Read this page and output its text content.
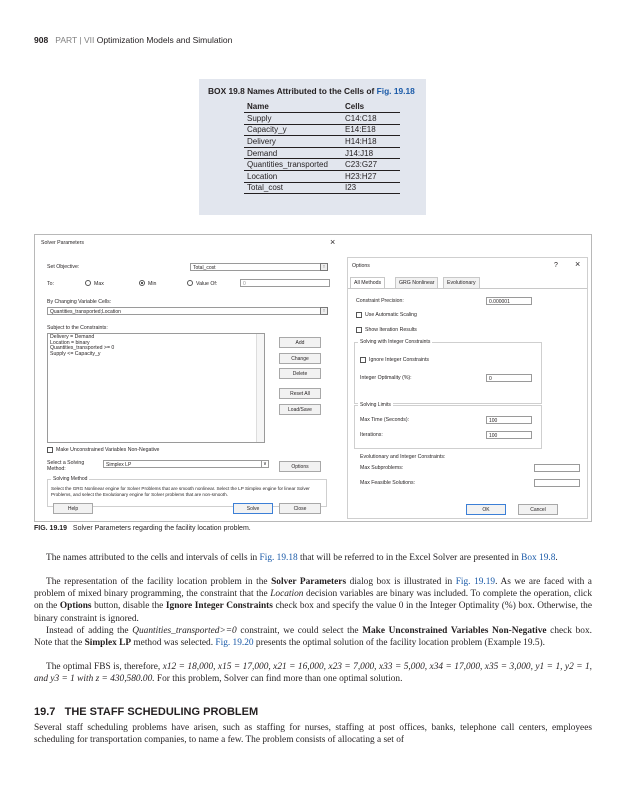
908 PART | VII Optimization Models and Simulation
BOX 19.8 Names Attributed to the Cells of Fig. 19.18
Name	Cells
Supply	C14:C18
Capacity_y	E14:E18
Delivery	H14:H18
Demand	J14:J18
Quantities_transported	C23:G27
Location	H23:H27
Total_cost	I23
Solver Parameters	×
Set Objective:	Total_cost	↑
To:	Max	Min	Value Of:	0
By Changing Variable Cells:
Quantities_transported;Location	↑
Subject to the Constraints:
Delivery = Demand
Location = binary
Quantities_transported >= 0
Supply <= Capacity_y
Add
Change
Delete
Reset All
Load/Save
Make Unconstrained Variables Non-Negative
Select a Solving Method:
Simplex LP	∨	Options
Solving Method
Select the GRG Nonlinear engine for Solver Problems that are smooth nonlinear. Select the LP Simplex engine for linear Solver Problems, and select the Evolutionary engine for Solver problems that are non-smooth.
Help	Solve	Close
Options	? ×
All Methods	GRG Nonlinear	Evolutionary
Constraint Precision:	0.000001
Use Automatic Scaling
Show Iteration Results
Solving with Integer Constraints
Ignore Integer Constraints
Integer Optimality (%):	0
Solving Limits
Max Time (Seconds):	100
Iterations:	100
Evolutionary and Integer Constraints:
Max Subproblems:
Max Feasible Solutions:
OK	Cancel
FIG. 19.19 Solver Parameters regarding the facility location problem.
The names attributed to the cells and intervals of cells in Fig. 19.18 that will be referred to in the Excel Solver are presented in Box 19.8.
The representation of the facility location problem in the Solver Parameters dialog box is illustrated in Fig. 19.19. As we are faced with a problem of mixed binary programming, the constraint that the Location decision variables are binary was included. To complete the operation, click on the Options button, disable the Ignore Integer Constraints check box and specify the value 0 in the Integer Optimality (%) box. Otherwise, the binary constraint is ignored.
Instead of adding the Quantities_transported>=0 constraint, we could select the Make Unconstrained Variables Non-Negative check box. Note that the Simplex LP method was selected. Fig. 19.20 presents the optimal solution of the facility location problem (Example 19.5).
The optimal FBS is, therefore, x12 = 18,000, x15 = 17,000, x21 = 16,000, x23 = 7,000, x33 = 5,000, x34 = 17,000, x35 = 3,000, y1 = 1, y2 = 1, and y3 = 1 with z = 430,580.00. For this problem, Solver can find more than one optimal solution.
19.7 THE STAFF SCHEDULING PROBLEM
Several staff scheduling problems have arisen, such as staffing for nurses, staffing at post offices, banks, telephone call centers, employees scheduling for transportation companies, to name a few. The problem consists of allocating a set of
